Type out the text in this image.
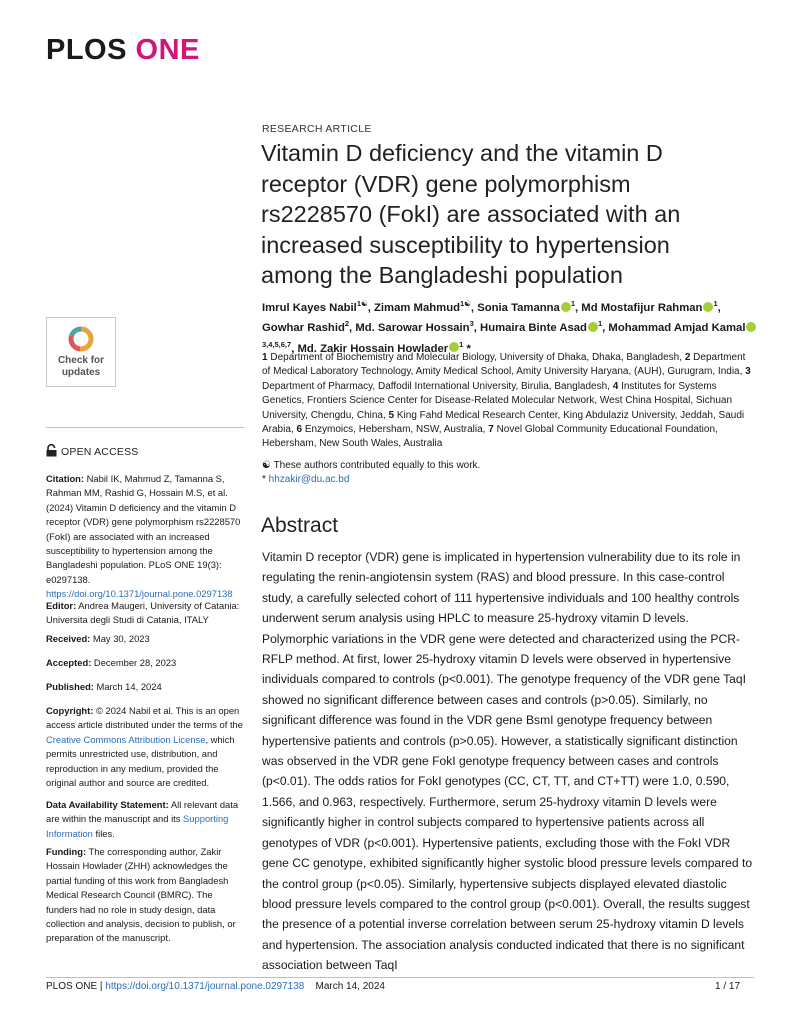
PLOS ONE
RESEARCH ARTICLE
Vitamin D deficiency and the vitamin D receptor (VDR) gene polymorphism rs2228570 (FokI) are associated with an increased susceptibility to hypertension among the Bangladeshi population
Imrul Kayes Nabil$^{1☯}$, Zimam Mahmud$^{1☯}$, Sonia Tamanna $^1$, Md Mostafijur Rahman $^1$, Gowhar Rashid$^2$, Md. Sarowar Hossain$^3$, Humaira Binte Asad $^1$, Mohammad Amjad Kamal$^{3,4,5,6,7}$, Md. Zakir Hossain Howlader $^1$ *
1 Department of Biochemistry and Molecular Biology, University of Dhaka, Dhaka, Bangladesh, 2 Department of Medical Laboratory Technology, Amity Medical School, Amity University Haryana, (AUH), Gurugram, India, 3 Department of Pharmacy, Daffodil International University, Birulia, Bangladesh, 4 Institutes for Systems Genetics, Frontiers Science Center for Disease-Related Molecular Network, West China Hospital, Sichuan University, Chengdu, China, 5 King Fahd Medical Research Center, King Abdulaziz University, Jeddah, Saudi Arabia, 6 Enzymoics, Hebersham, NSW, Australia, 7 Novel Global Community Educational Foundation, Hebersham, New South Wales, Australia
☯ These authors contributed equally to this work.
* hhzakir@du.ac.bd
Abstract
Vitamin D receptor (VDR) gene is implicated in hypertension vulnerability due to its role in regulating the renin-angiotensin system (RAS) and blood pressure. In this case-control study, a carefully selected cohort of 111 hypertensive individuals and 100 healthy controls underwent serum analysis using HPLC to measure 25-hydroxy vitamin D levels. Polymorphic variations in the VDR gene were detected and characterized using the PCR-RFLP method. At first, lower 25-hydroxy vitamin D levels were observed in hypertensive individuals compared to controls (p<0.001). The genotype frequency of the VDR gene TaqI showed no significant difference between cases and controls (p>0.05). Similarly, no significant difference was found in the VDR gene BsmI genotype frequency between hypertensive patients and controls (p>0.05). However, a statistically significant distinction was observed in the VDR gene FokI genotype frequency between cases and controls (p<0.01). The odds ratios for FokI genotypes (CC, CT, TT, and CT+TT) were 1.0, 0.590, 1.566, and 0.963, respectively. Furthermore, serum 25-hydroxy vitamin D levels were significantly higher in control subjects compared to hypertensive patients across all genotypes of VDR (p<0.001). Hypertensive patients, excluding those with the FokI VDR gene CC genotype, exhibited significantly higher systolic blood pressure levels compared to the control group (p<0.05). Similarly, hypertensive subjects displayed elevated diastolic blood pressure levels compared to the control group (p<0.001). Overall, the results suggest the presence of a potential inverse correlation between serum 25-hydroxy vitamin D levels and hypertension. The association analysis conducted indicated that there is no significant association between TaqI
Check for
updates
OPEN ACCESS
Citation: Nabil IK, Mahmud Z, Tamanna S, Rahman MM, Rashid G, Hossain M.S, et al. (2024) Vitamin D deficiency and the vitamin D receptor (VDR) gene polymorphism rs2228570 (FokI) are associated with an increased susceptibility to hypertension among the Bangladeshi population. PLoS ONE 19(3): e0297138. https://doi.org/10.1371/journal.pone.0297138
Editor: Andrea Maugeri, University of Catania: Universita degli Studi di Catania, ITALY
Received: May 30, 2023
Accepted: December 28, 2023
Published: March 14, 2024
Copyright: © 2024 Nabil et al. This is an open access article distributed under the terms of the Creative Commons Attribution License, which permits unrestricted use, distribution, and reproduction in any medium, provided the original author and source are credited.
Data Availability Statement: All relevant data are within the manuscript and its Supporting Information files.
Funding: The corresponding author, Zakir Hossain Howlader (ZHH) acknowledges the partial funding of this work from Bangladesh Medical Research Council (BMRC). The funders had no role in study design, data collection and analysis, decision to publish, or preparation of the manuscript.
PLOS ONE | https://doi.org/10.1371/journal.pone.0297138 March 14, 2024	1 / 17
